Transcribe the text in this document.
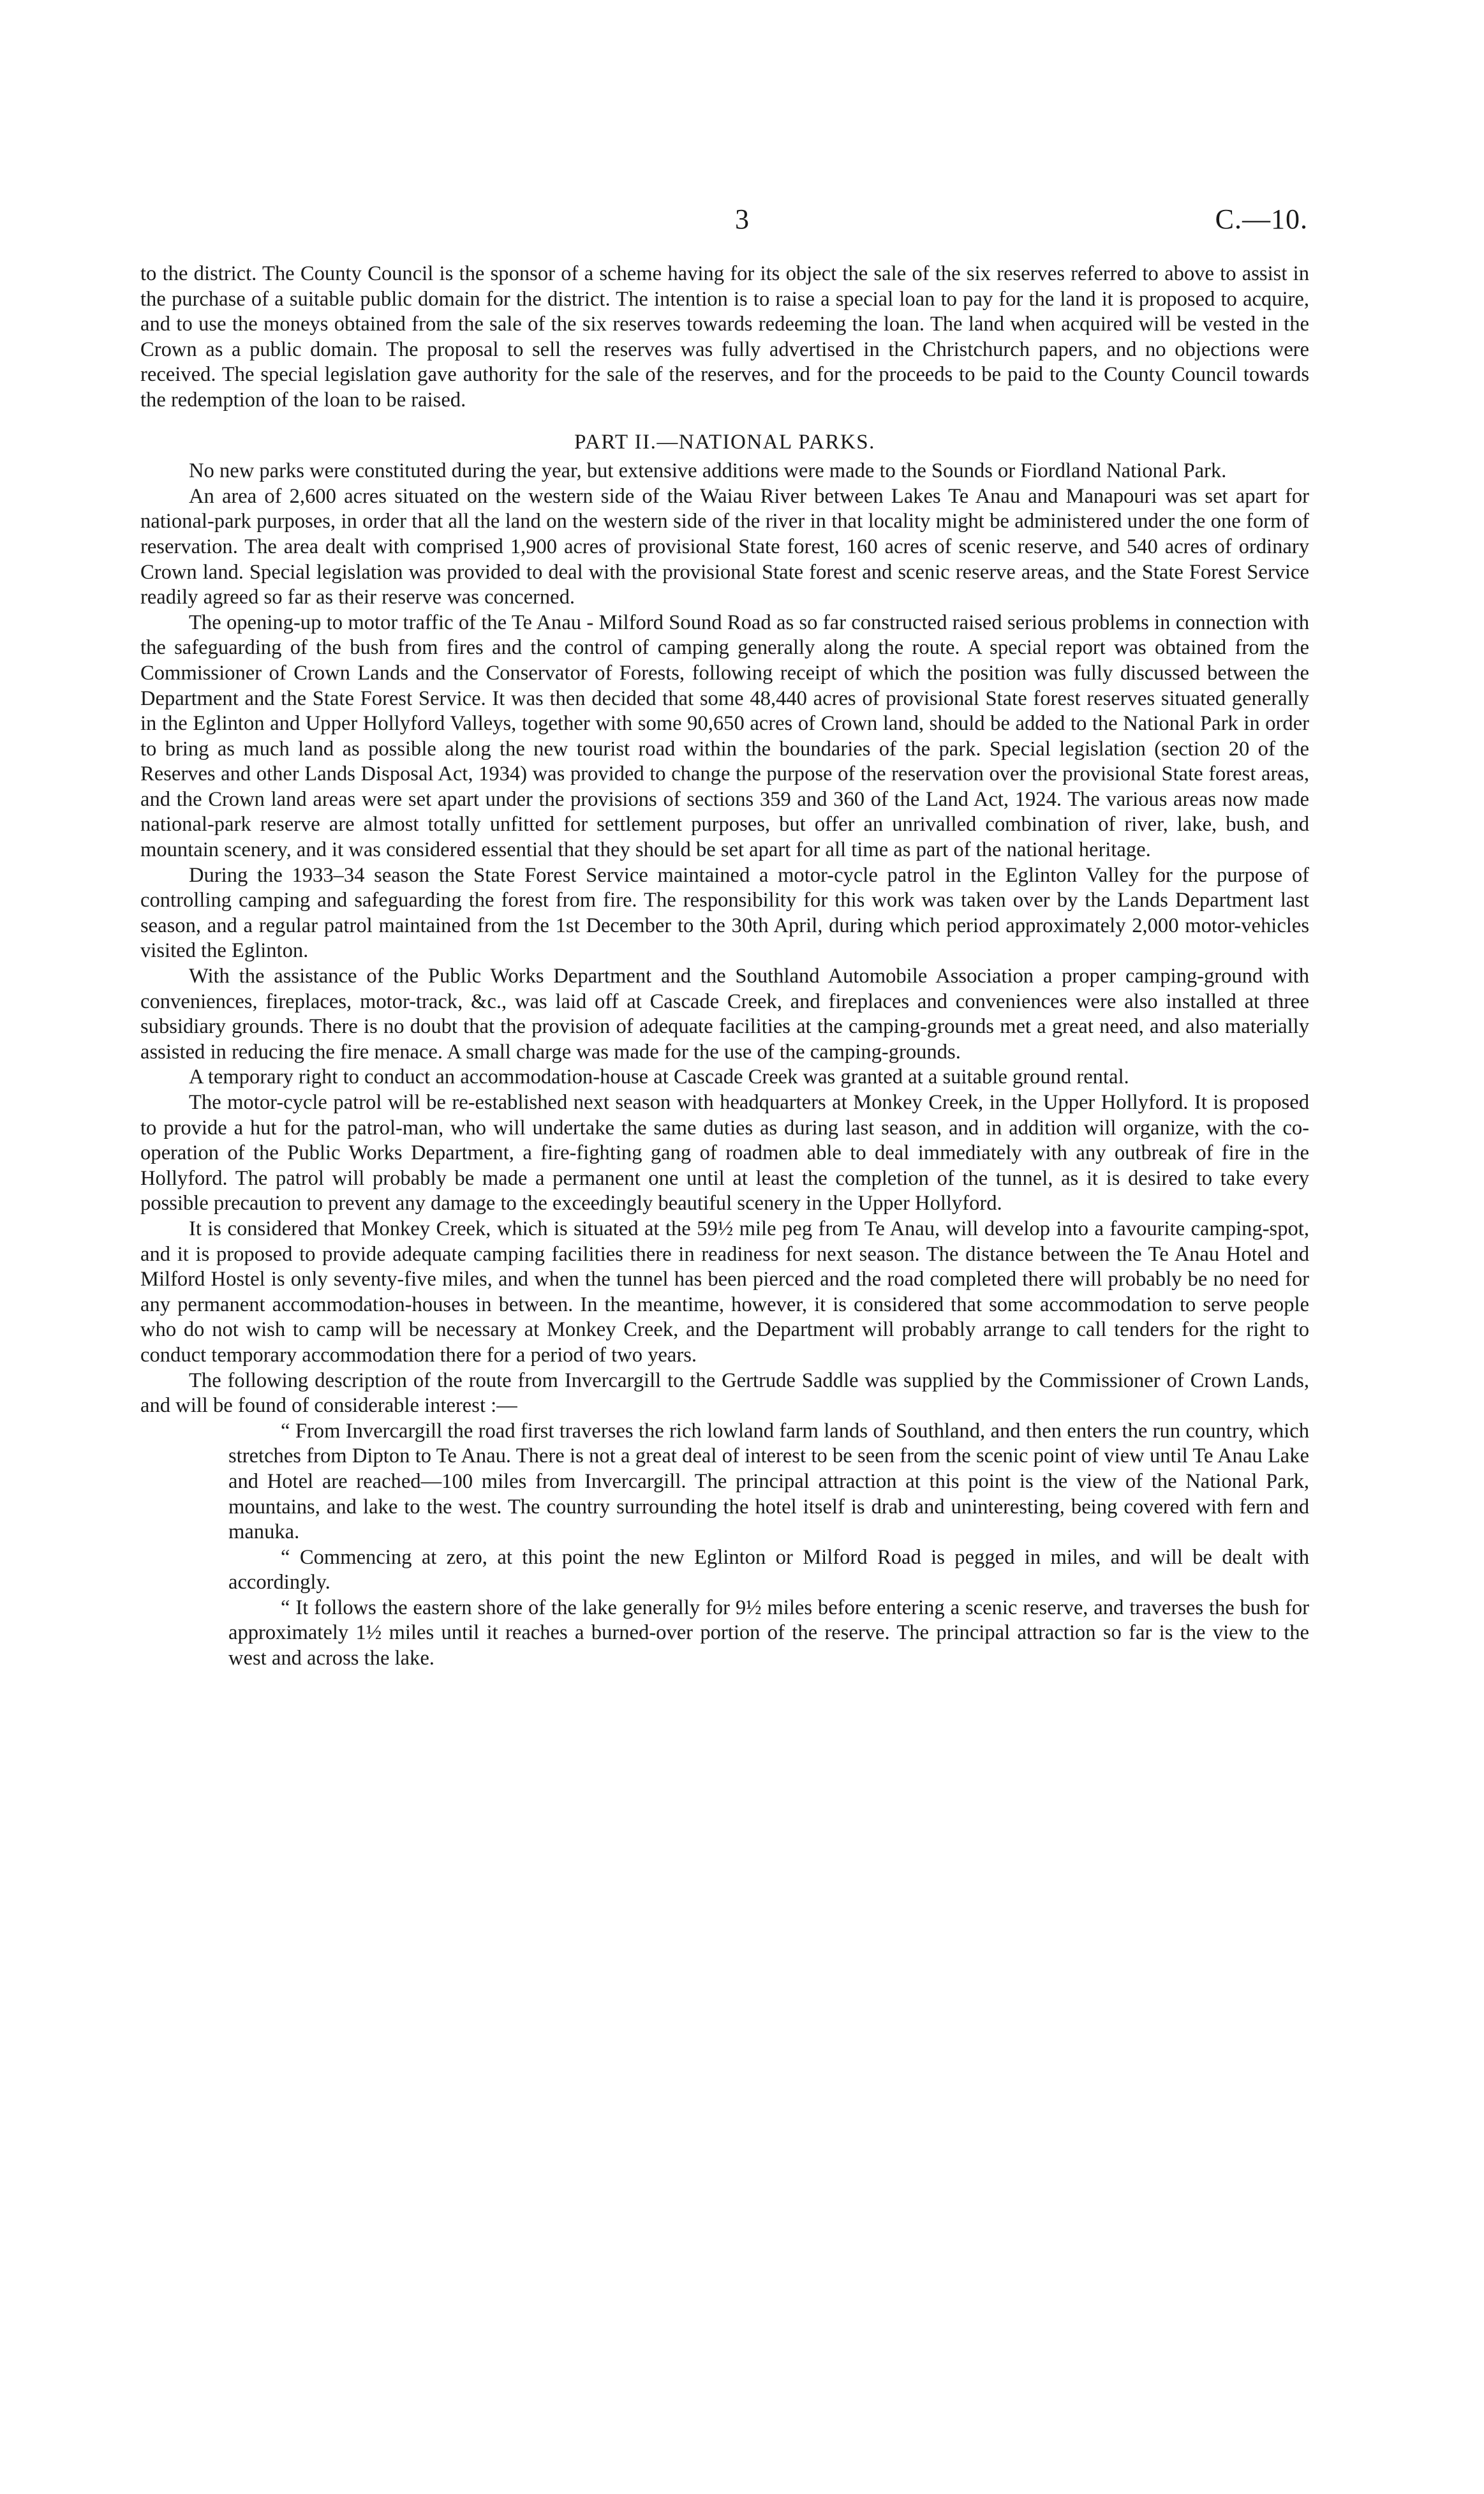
3	C.—10.

to the district. The County Council is the sponsor of a scheme having for its object the sale of the six reserves referred to above to assist in the purchase of a suitable public domain for the district. The intention is to raise a special loan to pay for the land it is proposed to acquire, and to use the moneys obtained from the sale of the six reserves towards redeeming the loan. The land when acquired will be vested in the Crown as a public domain. The proposal to sell the reserves was fully advertised in the Christchurch papers, and no objections were received. The special legislation gave authority for the sale of the reserves, and for the proceeds to be paid to the County Council towards the redemption of the loan to be raised.

PART II.—NATIONAL PARKS.

No new parks were constituted during the year, but extensive additions were made to the Sounds or Fiordland National Park.

An area of 2,600 acres situated on the western side of the Waiau River between Lakes Te Anau and Manapouri was set apart for national-park purposes, in order that all the land on the western side of the river in that locality might be administered under the one form of reservation. The area dealt with comprised 1,900 acres of provisional State forest, 160 acres of scenic reserve, and 540 acres of ordinary Crown land. Special legislation was provided to deal with the provisional State forest and scenic reserve areas, and the State Forest Service readily agreed so far as their reserve was concerned.

The opening-up to motor traffic of the Te Anau - Milford Sound Road as so far constructed raised serious problems in connection with the safeguarding of the bush from fires and the control of camping generally along the route. A special report was obtained from the Commissioner of Crown Lands and the Conservator of Forests, following receipt of which the position was fully discussed between the Department and the State Forest Service. It was then decided that some 48,440 acres of provisional State forest reserves situated generally in the Eglinton and Upper Hollyford Valleys, together with some 90,650 acres of Crown land, should be added to the National Park in order to bring as much land as possible along the new tourist road within the boundaries of the park. Special legislation (section 20 of the Reserves and other Lands Disposal Act, 1934) was provided to change the purpose of the reservation over the provisional State forest areas, and the Crown land areas were set apart under the provisions of sections 359 and 360 of the Land Act, 1924. The various areas now made national-park reserve are almost totally unfitted for settlement purposes, but offer an unrivalled combination of river, lake, bush, and mountain scenery, and it was considered essential that they should be set apart for all time as part of the national heritage.

During the 1933–34 season the State Forest Service maintained a motor-cycle patrol in the Eglinton Valley for the purpose of controlling camping and safeguarding the forest from fire. The responsibility for this work was taken over by the Lands Department last season, and a regular patrol maintained from the 1st December to the 30th April, during which period approximately 2,000 motor-vehicles visited the Eglinton.

With the assistance of the Public Works Department and the Southland Automobile Association a proper camping-ground with conveniences, fireplaces, motor-track, &c., was laid off at Cascade Creek, and fireplaces and conveniences were also installed at three subsidiary grounds. There is no doubt that the provision of adequate facilities at the camping-grounds met a great need, and also materially assisted in reducing the fire menace. A small charge was made for the use of the camping-grounds.

A temporary right to conduct an accommodation-house at Cascade Creek was granted at a suitable ground rental.

The motor-cycle patrol will be re-established next season with headquarters at Monkey Creek, in the Upper Hollyford. It is proposed to provide a hut for the patrol-man, who will undertake the same duties as during last season, and in addition will organize, with the co-operation of the Public Works Department, a fire-fighting gang of roadmen able to deal immediately with any outbreak of fire in the Hollyford. The patrol will probably be made a permanent one until at least the completion of the tunnel, as it is desired to take every possible precaution to prevent any damage to the exceedingly beautiful scenery in the Upper Hollyford.

It is considered that Monkey Creek, which is situated at the 59½ mile peg from Te Anau, will develop into a favourite camping-spot, and it is proposed to provide adequate camping facilities there in readiness for next season. The distance between the Te Anau Hotel and Milford Hostel is only seventy-five miles, and when the tunnel has been pierced and the road completed there will probably be no need for any permanent accommodation-houses in between. In the meantime, however, it is considered that some accommodation to serve people who do not wish to camp will be necessary at Monkey Creek, and the Department will probably arrange to call tenders for the right to conduct temporary accommodation there for a period of two years.

The following description of the route from Invercargill to the Gertrude Saddle was supplied by the Commissioner of Crown Lands, and will be found of considerable interest :—

“ From Invercargill the road first traverses the rich lowland farm lands of Southland, and then enters the run country, which stretches from Dipton to Te Anau. There is not a great deal of interest to be seen from the scenic point of view until Te Anau Lake and Hotel are reached—100 miles from Invercargill. The principal attraction at this point is the view of the National Park, mountains, and lake to the west. The country surrounding the hotel itself is drab and uninteresting, being covered with fern and manuka.

“ Commencing at zero, at this point the new Eglinton or Milford Road is pegged in miles, and will be dealt with accordingly.

“ It follows the eastern shore of the lake generally for 9½ miles before entering a scenic reserve, and traverses the bush for approximately 1½ miles until it reaches a burned-over portion of the reserve. The principal attraction so far is the view to the west and across the lake.
